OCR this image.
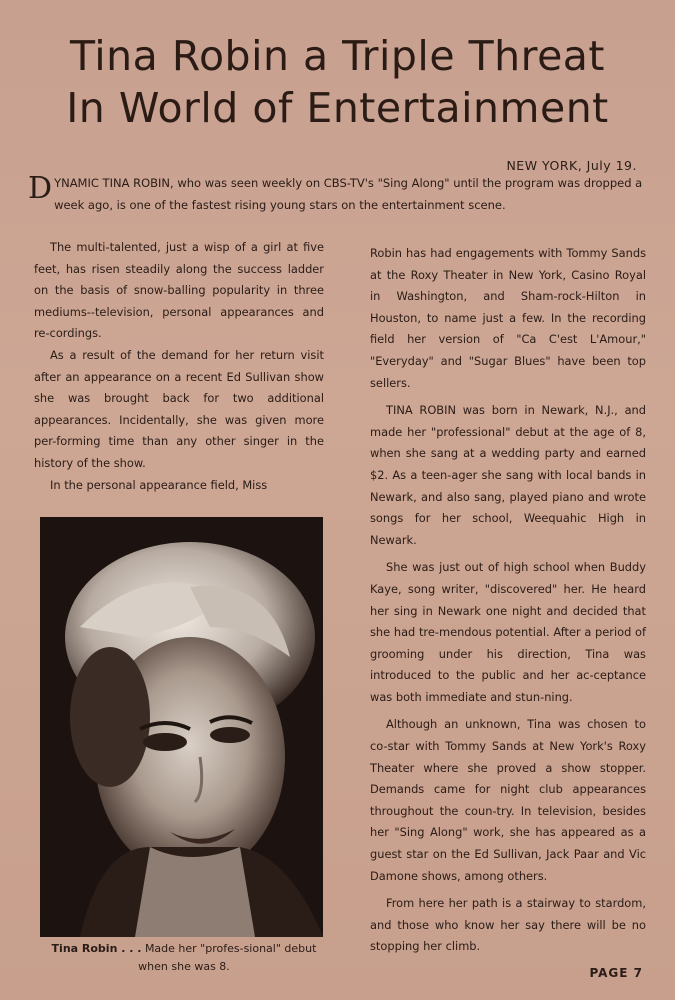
Tina Robin a Triple Threat
In World of Entertainment
NEW YORK, July 19.
DYNAMIC TINA ROBIN, who was seen weekly on CBS-TV's "Sing Along" until the program was dropped a week ago, is one of the fastest rising young stars on the entertainment scene.

The multi-talented, just a wisp of a girl at five feet, has risen steadily along the success ladder on the basis of snow-balling popularity in three mediums--television, personal appearances and re-cordings.

As a result of the demand for her return visit after an appearance on a recent Ed Sullivan show she was brought back for two additional appearances. Incidentally, she was given more per-forming time than any other singer in the history of the show.

In the personal appearance field, Miss

Tina Robin . . . Made her "profes-sional" debut when she was 8.

Robin has had engagements with Tommy Sands at the Roxy Theater in New York, Casino Royal in Washington, and Sham-rock-Hilton in Houston, to name just a few. In the recording field her version of "Ca C'est L'Amour," "Everyday" and "Sugar Blues" have been top sellers.

TINA ROBIN was born in Newark, N.J., and made her "professional" debut at the age of 8, when she sang at a wedding party and earned $2. As a teen-ager she sang with local bands in Newark, and also sang, played piano and wrote songs for her school, Weequahic High in Newark.

She was just out of high school when Buddy Kaye, song writer, "discovered" her. He heard her sing in Newark one night and decided that she had tre-mendous potential. After a period of grooming under his direction, Tina was introduced to the public and her ac-ceptance was both immediate and stun-ning.

Although an unknown, Tina was chosen to co-star with Tommy Sands at New York's Roxy Theater where she proved a show stopper. Demands came for night club appearances throughout the coun-try. In television, besides her "Sing Along" work, she has appeared as a guest star on the Ed Sullivan, Jack Paar and Vic Damone shows, among others.

From here her path is a stairway to stardom, and those who know her say there will be no stopping her climb.

PAGE 7
